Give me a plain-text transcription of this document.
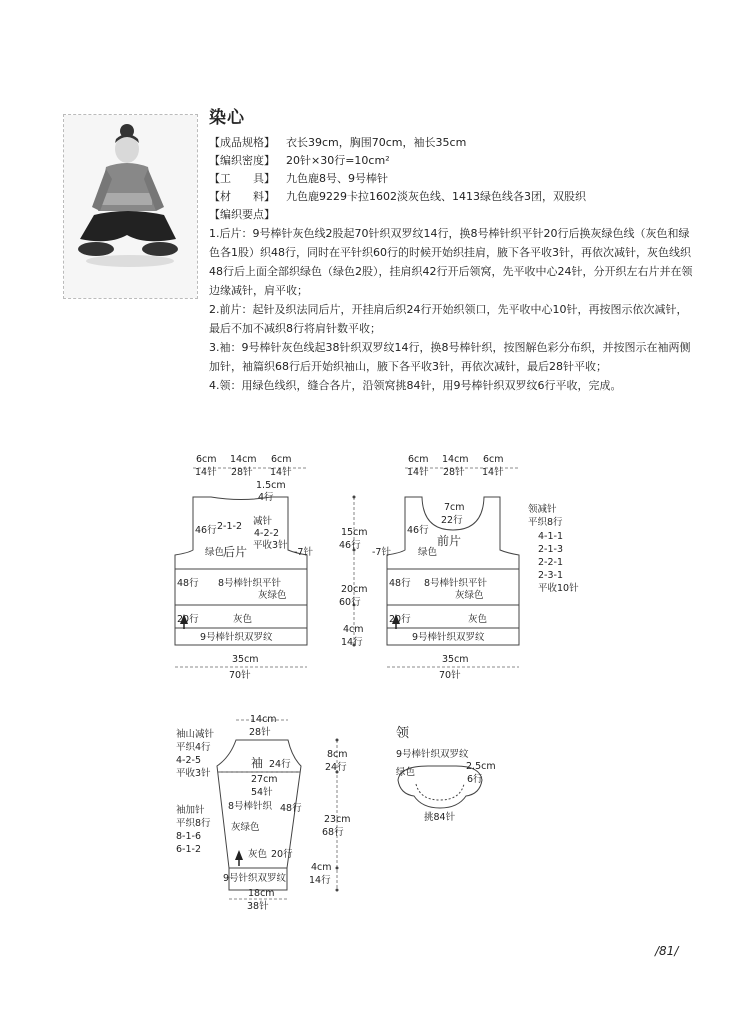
染心
【成品规格】 衣长39cm，胸围70cm，袖长35cm
【编织密度】 20针×30行=10cm²
【工　　具】 九色鹿8号、9号棒针
【材　　料】 九色鹿9229卡拉1602淡灰色线、1413绿色线各3团，双股织
【编织要点】
1.后片：9号棒针灰色线2股起70针织双罗纹14行，换8号棒针织平针20行后换灰绿色线（灰色和绿色各1股）织48行，同时在平针织60行的时候开始织挂肩，腋下各平收3针，再依次减针，灰色线织48行后上面全部织绿色（绿色2股），挂肩织42行开后领窝，先平收中心24针，分开织左右片并在领边缘减针，肩平收；
2.前片：起针及织法同后片，开挂肩后织24行开始织领口，先平收中心10针，再按图示依次减针，最后不加不减织8行将肩针数平收；
3.袖：9号棒针灰色线起38针织双罗纹14行，换8号棒针织，按图解色彩分布织，并按图示在袖两侧加针，袖篇织68行后开始织袖山，腋下各平收3针，再依次减针，最后28针平收；
4.领：用绿色线织，缝合各片，沿领窝挑84针，用9号棒针织双罗纹6行平收，完成。
6cm 14cm 6cm
14针 28针 14针
1.5cm
4行
减针
2-1-2
4-2-2
平收3针
46行
-7针
绿色
后片
48行 8号棒针织平针
灰绿色
20行	灰色
9号棒针织双罗纹
35cm
70针
6cm 14cm 6cm
14针 28针 14针
7cm
22行
46行
-7针	绿色
前片
48行 8号棒针织平针
灰绿色
20行	灰色
9号棒针织双罗纹
35cm
70针
领减针
平织8行
4-1-1
2-1-3
2-2-1
2-3-1
平收10针
15cm
46行
20cm
60行
4cm
14行
14cm
28针
袖山减针
平织4行
4-2-5
平收3针
袖 24行
27cm
54针
8号棒针织 48行
灰绿色
袖加针
平织8行
8-1-6
6-1-2	灰色 20行
9号针织双罗纹
18cm
38针
8cm
24行
23cm
68行
4cm
14行
领
9号棒针织双罗纹
绿色
2.5cm
6行
挑84针
/81/
